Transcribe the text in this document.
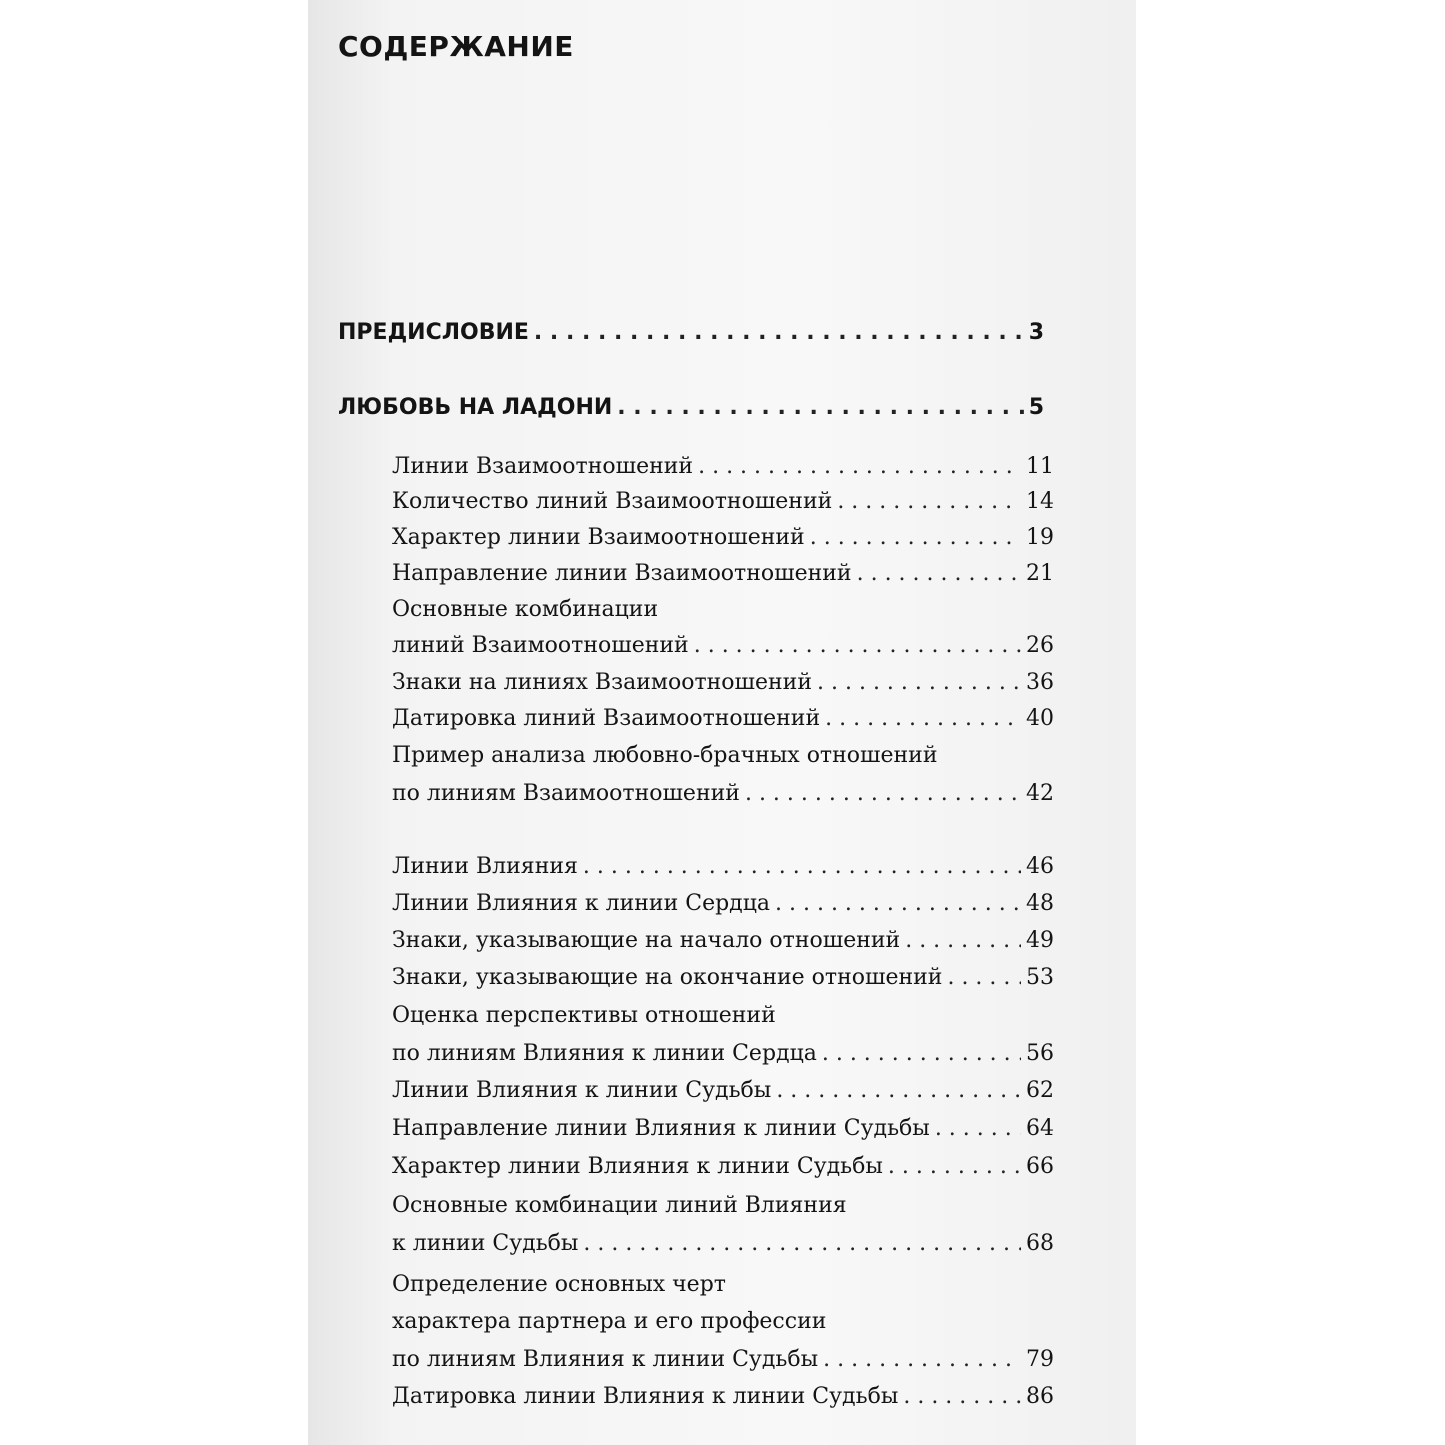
СОДЕРЖАНИЕ
ПРЕДИСЛОВИЕ . . .	3
ЛЮБОВЬ НА ЛАДОНИ . . .	5
Линии Взаимоотношений . . .	11
Количество линий Взаимоотношений . . .	14
Характер линии Взаимоотношений . . .	19
Направление линии Взаимоотношений . . .	21
Основные комбинации
линий Взаимоотношений . . .	26
Знаки на линиях Взаимоотношений . . .	36
Датировка линий Взаимоотношений . . .	40
Пример анализа любовно-брачных отношений
по линиям Взаимоотношений . . .	42
Линии Влияния . . .	46
Линии Влияния к линии Сердца . . .	48
Знаки, указывающие на начало отношений . . .	49
Знаки, указывающие на окончание отношений . . .	53
Оценка перспективы отношений
по линиям Влияния к линии Сердца . . .	56
Линии Влияния к линии Судьбы . . .	62
Направление линии Влияния к линии Судьбы . . .	64
Характер линии Влияния к линии Судьбы . . .	66
Основные комбинации линий Влияния
к линии Судьбы . . .	68
Определение основных черт
характера партнера и его профессии
по линиям Влияния к линии Судьбы . . .	79
Датировка линии Влияния к линии Судьбы . . .	86
